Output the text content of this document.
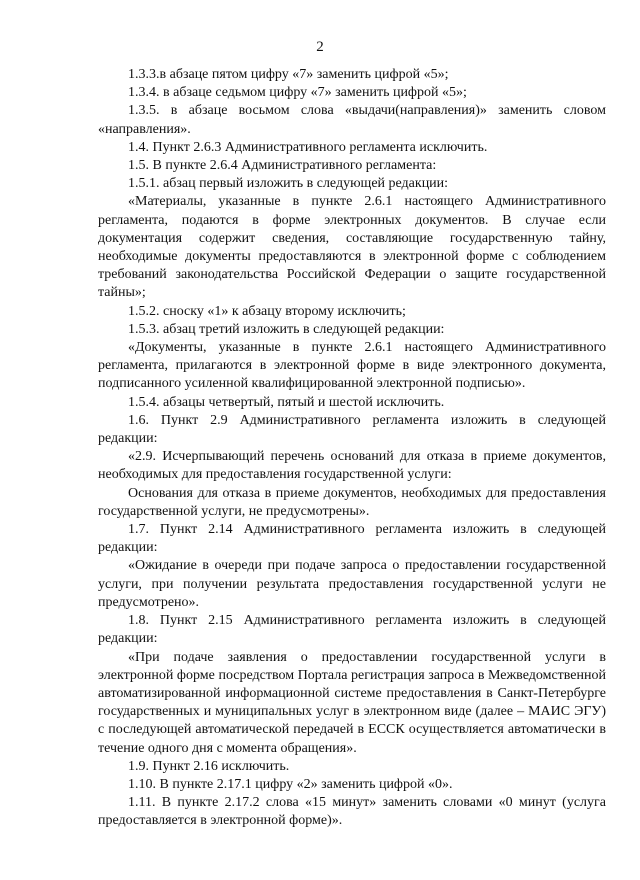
2

1.3.3.в абзаце пятом цифру «7» заменить цифрой «5»;

1.3.4. в абзаце седьмом цифру «7» заменить цифрой «5»;

1.3.5. в абзаце восьмом слова «выдачи(направления)» заменить словом «направления».

1.4. Пункт 2.6.3 Административного регламента исключить.

1.5. В пункте 2.6.4 Административного регламента:

1.5.1. абзац первый изложить в следующей редакции:

«Материалы, указанные в пункте 2.6.1 настоящего Административного регламента, подаются в форме электронных документов. В случае если документация содержит сведения, составляющие государственную тайну, необходимые документы предоставляются в электронной форме с соблюдением требований законодательства Российской Федерации о защите государственной тайны»;

1.5.2. сноску «1» к абзацу второму исключить;

1.5.3. абзац третий изложить в следующей редакции:

«Документы, указанные в пункте 2.6.1 настоящего Административного регламента, прилагаются в электронной форме в виде электронного документа, подписанного усиленной квалифицированной электронной подписью».

1.5.4. абзацы четвертый, пятый и шестой исключить.

1.6. Пункт 2.9 Административного регламента изложить в следующей редакции:

«2.9. Исчерпывающий перечень оснований для отказа в приеме документов, необходимых для предоставления государственной услуги:

Основания для отказа в приеме документов, необходимых для предоставления государственной услуги, не предусмотрены».

1.7. Пункт 2.14 Административного регламента изложить в следующей редакции:

«Ожидание в очереди при подаче запроса о предоставлении государственной услуги, при получении результата предоставления государственной услуги не предусмотрено».

1.8. Пункт 2.15 Административного регламента изложить в следующей редакции:

«При подаче заявления о предоставлении государственной услуги в электронной форме посредством Портала регистрация запроса в Межведомственной автоматизированной информационной системе предоставления в Санкт-Петербурге государственных и муниципальных услуг в электронном виде (далее – МАИС ЭГУ) с последующей автоматической передачей в ЕССК осуществляется автоматически в течение одного дня с момента обращения».

1.9. Пункт 2.16 исключить.

1.10. В пункте 2.17.1 цифру «2» заменить цифрой «0».

1.11. В пункте 2.17.2 слова «15 минут» заменить словами «0 минут (услуга предоставляется в электронной форме)».
